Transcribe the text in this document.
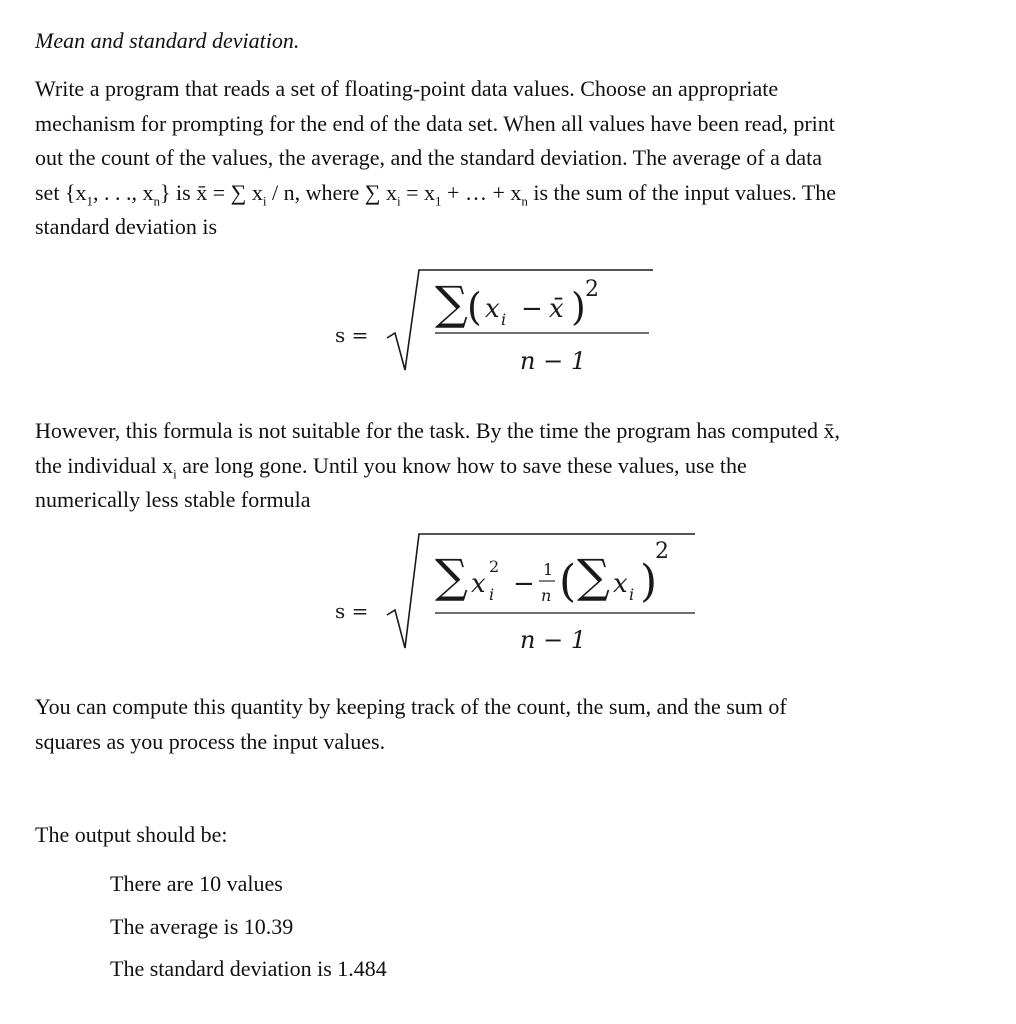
Mean and standard deviation.
Write a program that reads a set of floating-point data values. Choose an appropriate
mechanism for prompting for the end of the data set. When all values have been read, print
out the count of the values, the average, and the standard deviation. The average of a data
set {$x_1$, . . ., $x_n$} is x̄ = ∑ $x_i$ / n, where ∑ $x_i = x_1$ + … + $x_n$ is the sum of the input values. The
standard deviation is
s =
∑ ( x i − x̄ ) 2
n − 1
However, this formula is not suitable for the task. By the time the program has computed x̄,
the individual $x_i$ are long gone. Until you know how to save these values, use the
numerically less stable formula
s =
∑ x
2
i − 1
n ( ∑ x i )
2
n − 1
You can compute this quantity by keeping track of the count, the sum, and the sum of
squares as you process the input values.
The output should be:
There are 10 values
The average is 10.39
The standard deviation is 1.484
